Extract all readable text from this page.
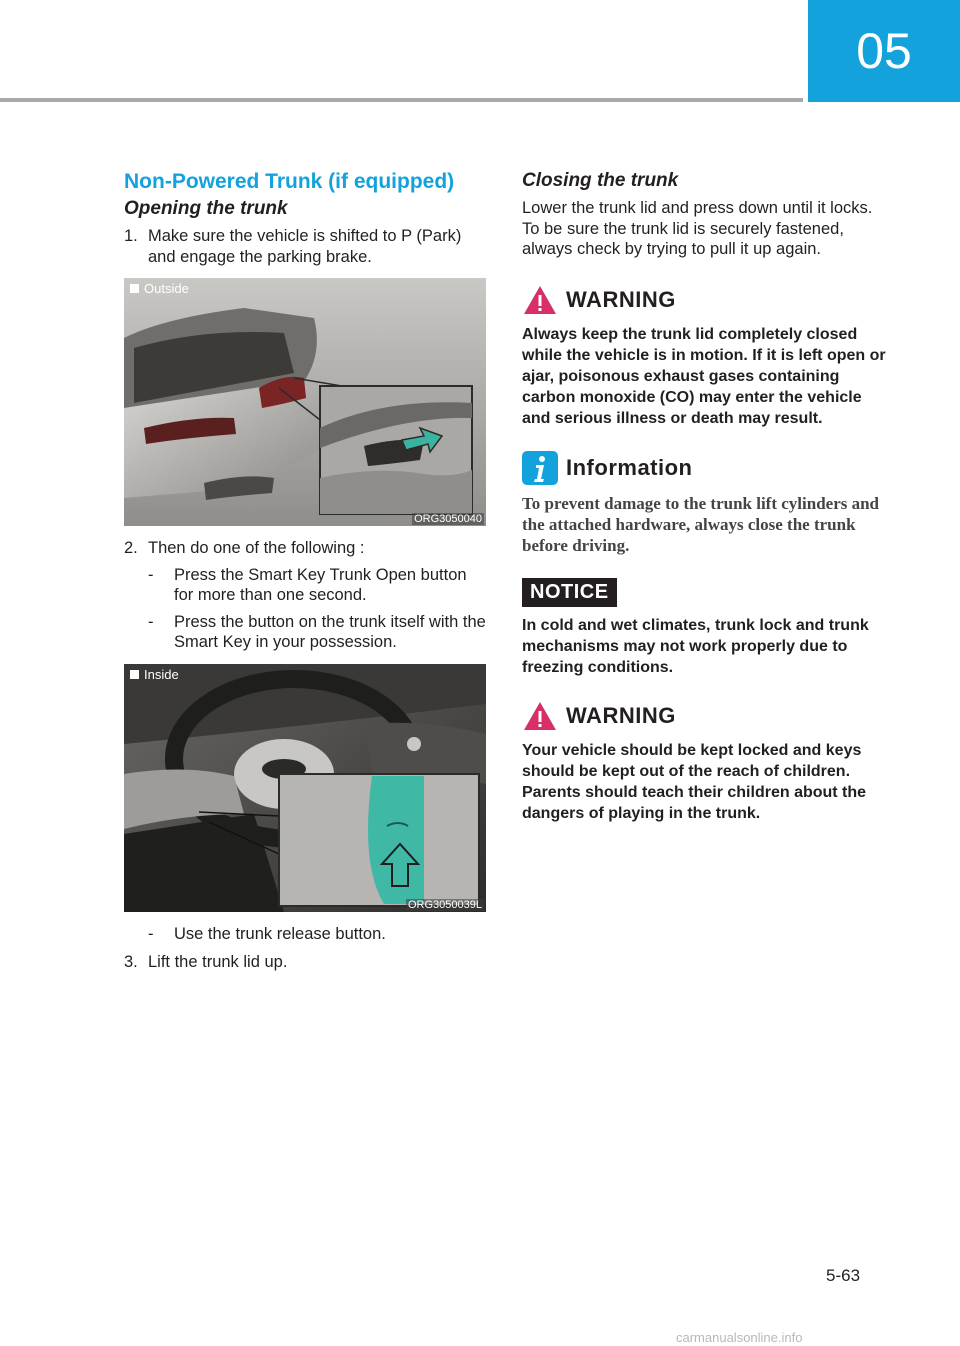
05
Non-Powered Trunk (if equipped)
Opening the trunk
1. Make sure the vehicle is shifted to P (Park) and engage the parking brake.
Outside
ORG3050040
2. Then do one of the following :
-	Press the Smart Key Trunk Open button for more than one second.
-	Press the button on the trunk itself with the Smart Key in your possession.
Inside
ORG3050039L
-	Use the trunk release button.
3. Lift the trunk lid up.
Closing the trunk

Lower the trunk lid and press down until it locks. To be sure the trunk lid is securely fastened, always check by trying to pull it up again.

WARNING

Always keep the trunk lid completely closed while the vehicle is in motion. If it is left open or ajar, poisonous exhaust gases containing carbon monoxide (CO) may enter the vehicle and serious illness or death may result.

Information

To prevent damage to the trunk lift cylinders and the attached hardware, always close the trunk before driving.

NOTICE

In cold and wet climates, trunk lock and trunk mechanisms may not work properly due to freezing conditions.

WARNING

Your vehicle should be kept locked and keys should be kept out of the reach of children. Parents should teach their children about the dangers of playing in the trunk.

5-63
carmanualsonline.info
